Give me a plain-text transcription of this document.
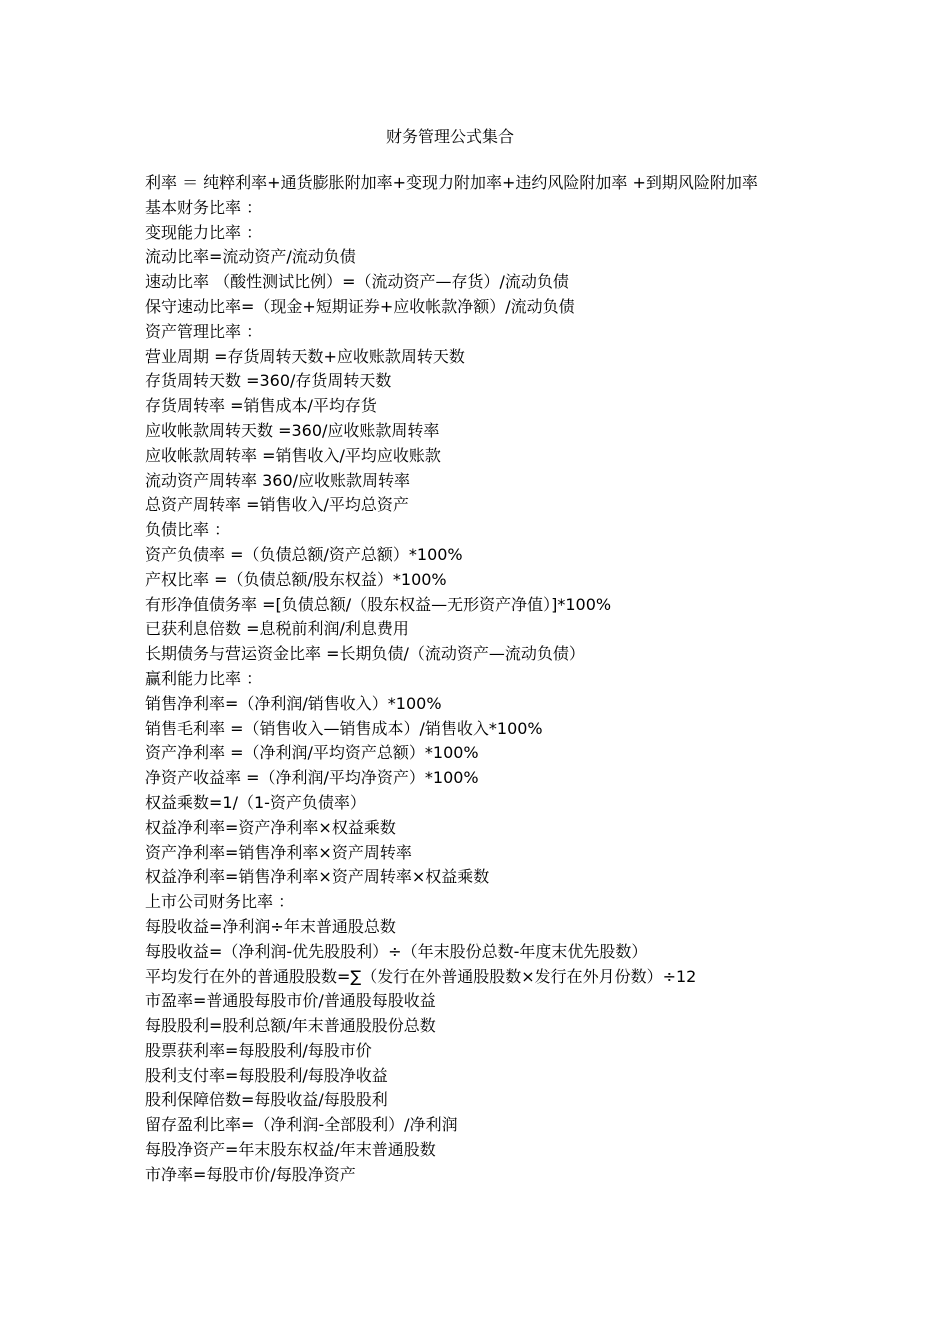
财务管理公式集合
利率 ＝ 纯粹利率+通货膨胀附加率+变现力附加率+违约风险附加率 +到期风险附加率
基本财务比率 ：
变现能力比率 ：
流动比率=流动资产/流动负债
速动比率 （酸性测试比例）=（流动资产—存货）/流动负债
保守速动比率=（现金+短期证券+应收帐款净额）/流动负债
资产管理比率 ：
营业周期 =存货周转天数+应收账款周转天数
存货周转天数 =360/存货周转天数
存货周转率 =销售成本/平均存货
应收帐款周转天数 =360/应收账款周转率
应收帐款周转率 =销售收入/平均应收账款
流动资产周转率 360/应收账款周转率
总资产周转率 =销售收入/平均总资产
负债比率 ：
资产负债率 =（负债总额/资产总额）*100%
产权比率 =（负债总额/股东权益）*100%
有形净值债务率 =[负债总额/（股东权益—无形资产净值）]*100%
已获利息倍数 =息税前利润/利息费用
长期债务与营运资金比率 =长期负债/（流动资产—流动负债）
赢利能力比率 ：
销售净利率=（净利润/销售收入）*100%
销售毛利率 =（销售收入—销售成本）/销售收入*100%
资产净利率 =（净利润/平均资产总额）*100%
净资产收益率 =（净利润/平均净资产）*100%
权益乘数=1/（1-资产负债率）
权益净利率=资产净利率×权益乘数
资产净利率=销售净利率×资产周转率
权益净利率=销售净利率×资产周转率×权益乘数
上市公司财务比率 ：
每股收益=净利润÷年末普通股总数
每股收益=（净利润-优先股股利）÷（年末股份总数-年度末优先股数）
平均发行在外的普通股股数=∑（发行在外普通股股数×发行在外月份数）÷12
市盈率=普通股每股市价/普通股每股收益
每股股利=股利总额/年末普通股股份总数
股票获利率=每股股利/每股市价
股利支付率=每股股利/每股净收益
股利保障倍数=每股收益/每股股利
留存盈利比率=（净利润-全部股利）/净利润
每股净资产=年末股东权益/年末普通股数
市净率=每股市价/每股净资产
